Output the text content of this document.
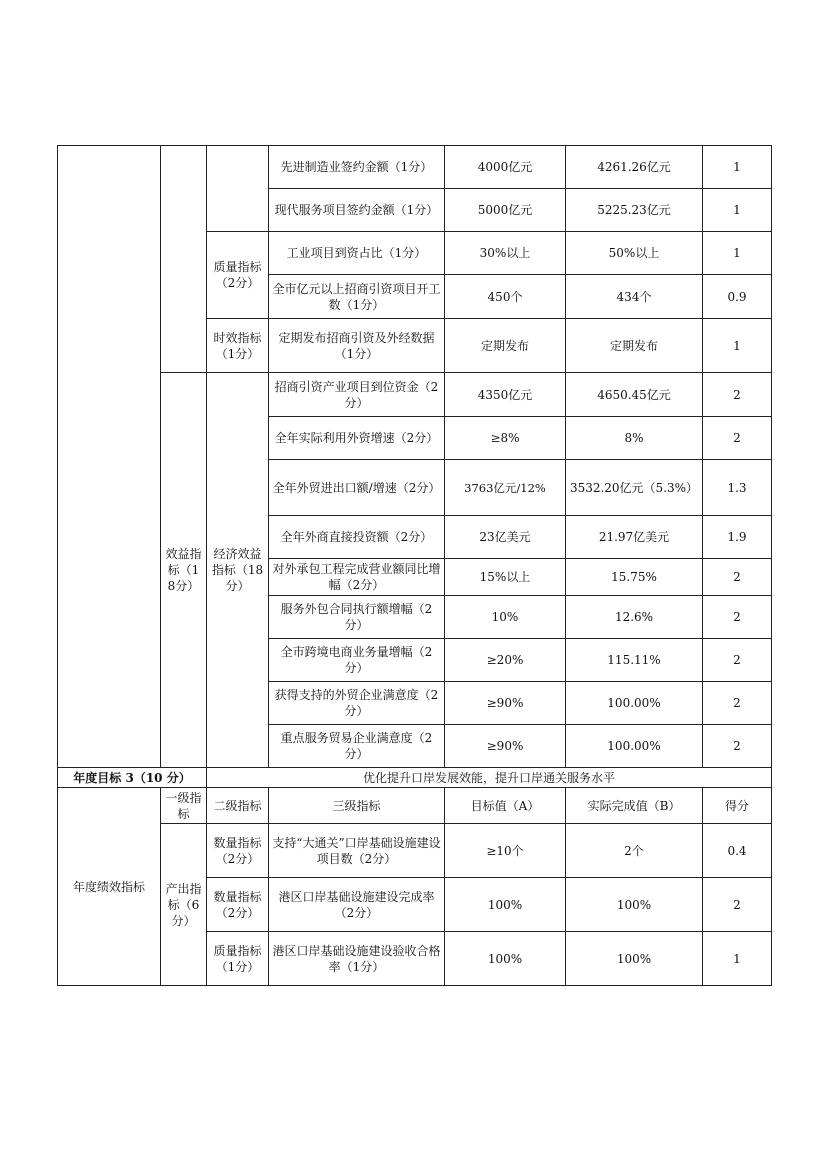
			先进制造业签约金额（1分）	4000亿元	4261.26亿元	1
			现代服务项目签约金额（1分）	5000亿元	5225.23亿元	1
		质量指标（2分）	工业项目到资占比（1分）	30%以上	50%以上	1
			全市亿元以上招商引资项目开工数（1分）	450个	434个	0.9
		时效指标（1分）	定期发布招商引资及外经数据（1分）	定期发布	定期发布	1
	效益指标（18分）	经济效益指标（18分）	招商引资产业项目到位资金（2分）	4350亿元	4650.45亿元	2
			全年实际利用外资增速（2分）	≥8%	8%	2
			全年外贸进出口额/增速（2分）	3763亿元/12%	3532.20亿元（5.3%）	1.3
			全年外商直接投资额（2分）	23亿美元	21.97亿美元	1.9
			对外承包工程完成营业额同比增幅（2分）	15%以上	15.75%	2
			服务外包合同执行额增幅（2分）	10%	12.6%	2
			全市跨境电商业务量增幅（2分）	≥20%	115.11%	2
			获得支持的外贸企业满意度（2分）	≥90%	100.00%	2
			重点服务贸易企业满意度（2分）	≥90%	100.00%	2
年度目标 3（10 分）		优化提升口岸发展效能，提升口岸通关服务水平				
年度绩效指标	一级指标	二级指标	三级指标	目标值（A）	实际完成值（B）	得分
	产出指标（6分）	数量指标（2分）	支持“大通关”口岸基础设施建设项目数（2分）	≥10个	2个	0.4
		数量指标（2分）	港区口岸基础设施建设完成率（2分）	100%	100%	2
		质量指标（1分）	港区口岸基础设施建设验收合格率（1分）	100%	100%	1
